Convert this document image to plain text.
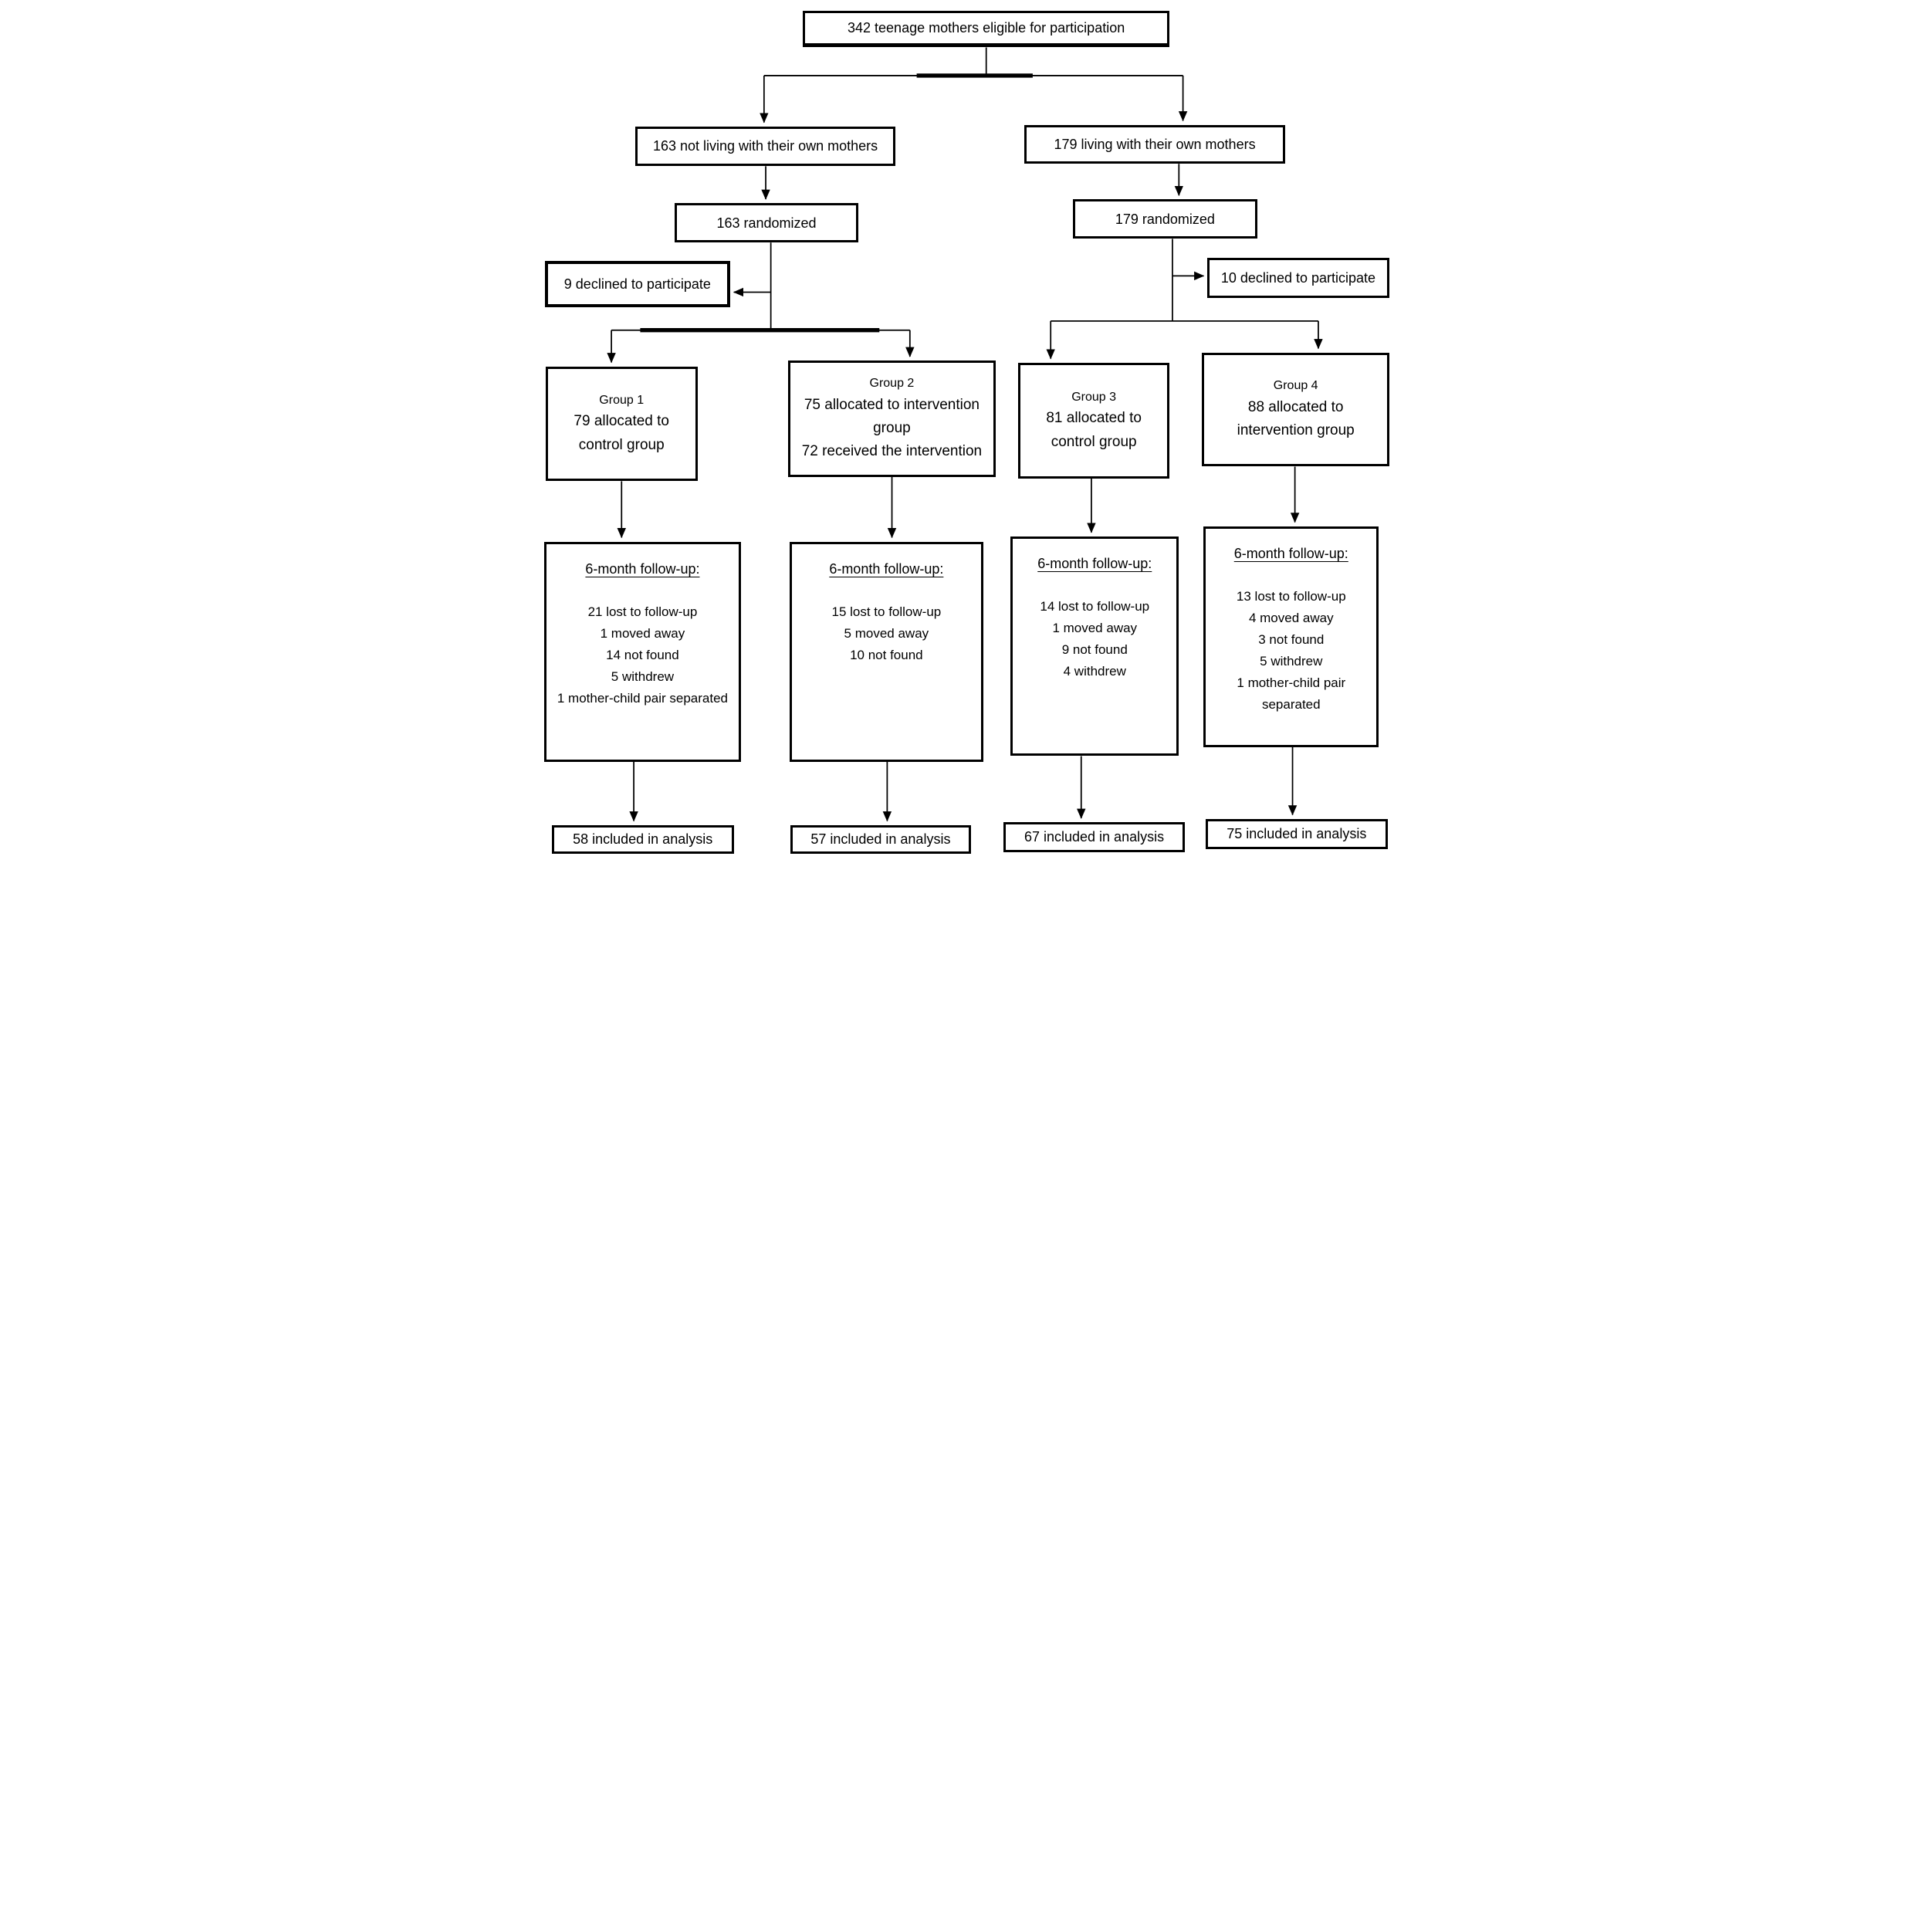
342 teenage mothers eligible for participation
163 not living with their own mothers	179 living with their own mothers
163 randomized	179 randomized
9 declined to participate	10 declined to participate
Group 1
79 allocated to control group
Group 2
75 allocated to intervention group
72 received the intervention
Group 3
81 allocated to control group
Group 4
88 allocated to intervention group
6-month follow-up:
21 lost to follow-up
1 moved away
14 not found
5 withdrew
1 mother-child pair separated
6-month follow-up:
15 lost to follow-up
5 moved away
10 not found
6-month follow-up:
14 lost to follow-up
1 moved away
9 not found
4 withdrew
6-month follow-up:
13 lost to follow-up
4 moved away
3 not found
5 withdrew
1 mother-child pair separated
58 included in analysis	57 included in analysis	67 included in analysis	75 included in analysis
